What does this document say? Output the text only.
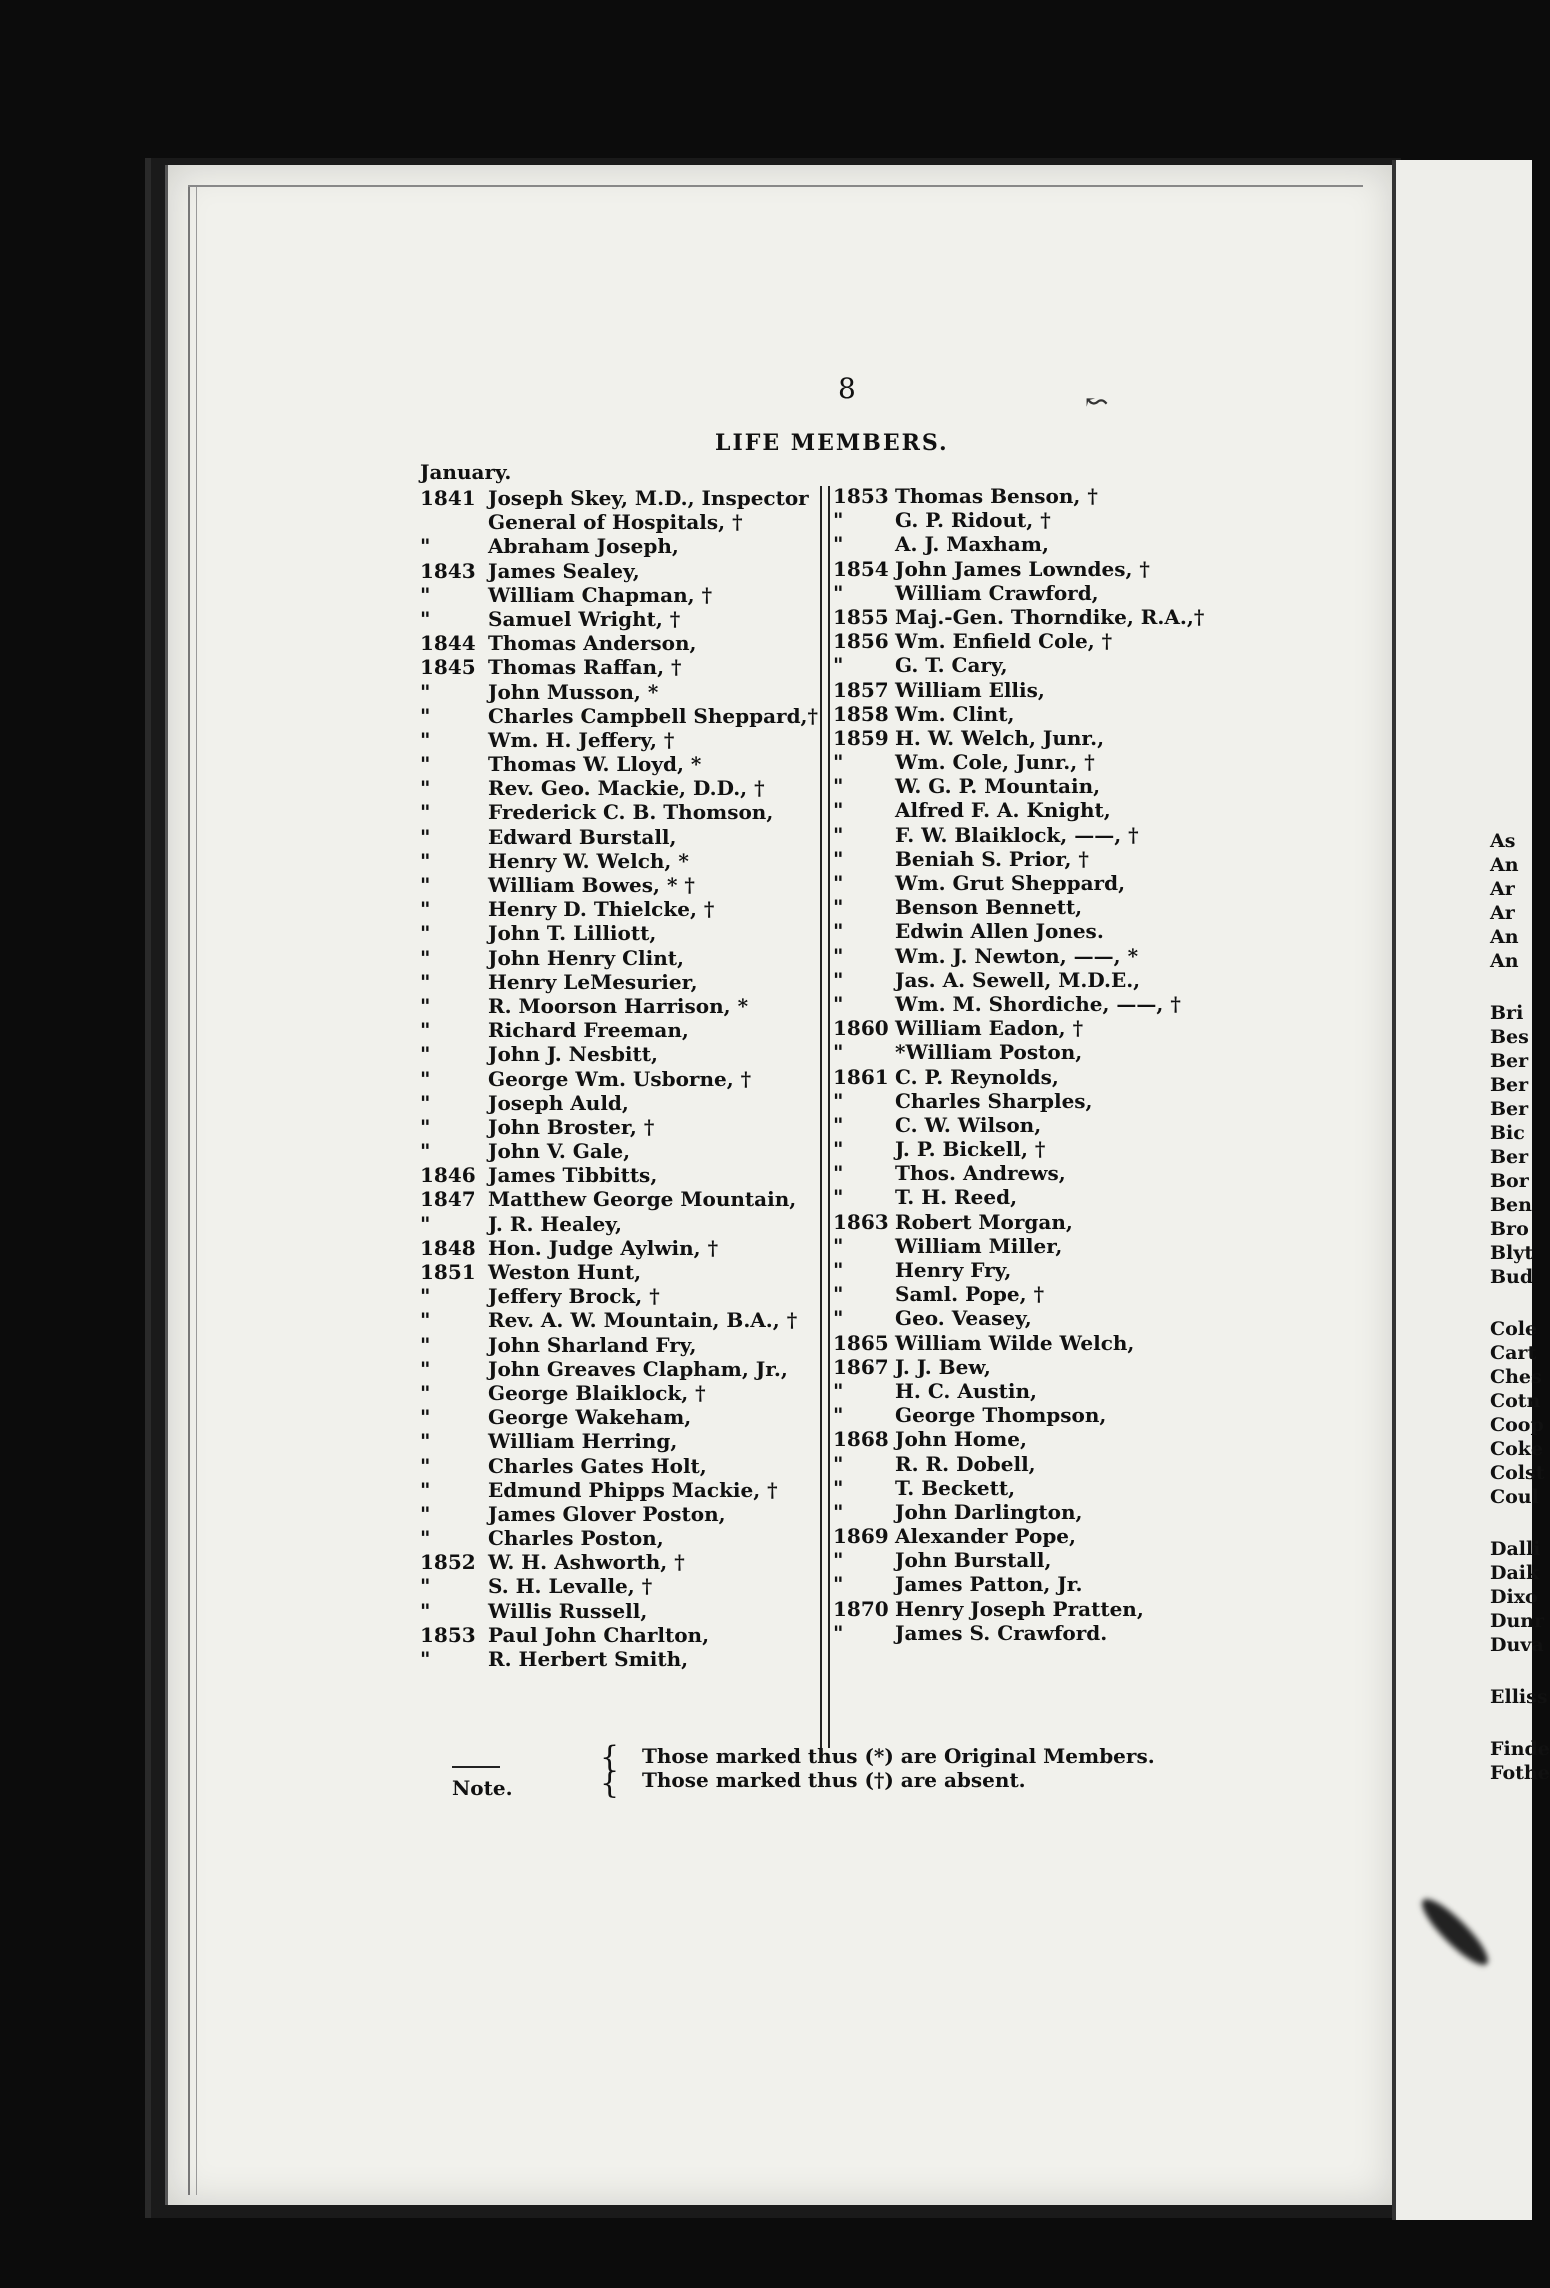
As
An
Ar
Ar
An
An
Bri
Bes
Ber
Ber
Ber
Bic
Ber
Bor
Ben
Bro
Blyt
Bud
Cole
Cart
Ches
Cotn
Coop
Coke
Colst
Coul
Dalli
Daik
Dixo
Dunr
Duva
Elliss
Finde
Fothe
8	↜
LIFE MEMBERS.
January.
1841 Joseph Skey, M.D., Inspector
General of Hospitals, †
"	Abraham Joseph,
1843 James Sealey,
"	William Chapman, †
"	Samuel Wright, †
1844 Thomas Anderson,
1845 Thomas Raffan, †
"	John Musson, *
"	Charles Campbell Sheppard,†
"	Wm. H. Jeffery, †
"	Thomas W. Lloyd, *
"	Rev. Geo. Mackie, D.D., †
"	Frederick C. B. Thomson,
"	Edward Burstall,
"	Henry W. Welch, *
"	William Bowes, * †
"	Henry D. Thielcke, †
"	John T. Lilliott,
"	John Henry Clint,
"	Henry LeMesurier,
"	R. Moorson Harrison, *
"	Richard Freeman,
"	John J. Nesbitt,
"	George Wm. Usborne, †
"	Joseph Auld,
"	John Broster, †
"	John V. Gale,
1846 James Tibbitts,
1847 Matthew George Mountain,
"	J. R. Healey,
1848 Hon. Judge Aylwin, †
1851 Weston Hunt,
"	Jeffery Brock, †
"	Rev. A. W. Mountain, B.A., †
"	John Sharland Fry,
"	John Greaves Clapham, Jr.,
"	George Blaiklock, †
"	George Wakeham,
"	William Herring,
"	Charles Gates Holt,
"	Edmund Phipps Mackie, †
"	James Glover Poston,
"	Charles Poston,
1852 W. H. Ashworth, †
"	S. H. Levalle, †
"	Willis Russell,
1853 Paul John Charlton,
"	R. Herbert Smith,
1853 Thomas Benson, †
"	G. P. Ridout, †
"	A. J. Maxham,
1854 John James Lowndes, †
"	William Crawford,
1855 Maj.-Gen. Thorndike, R.A.,†
1856 Wm. Enfield Cole, †
"	G. T. Cary,
1857 William Ellis,
1858 Wm. Clint,
1859 H. W. Welch, Junr.,
"	Wm. Cole, Junr., †
"	W. G. P. Mountain,
"	Alfred F. A. Knight,
"	F. W. Blaiklock, ——, †
"	Beniah S. Prior, †
"	Wm. Grut Sheppard,
"	Benson Bennett,
"	Edwin Allen Jones.
"	Wm. J. Newton, ——, *
"	Jas. A. Sewell, M.D.E.,
"	Wm. M. Shordiche, ——, †
1860 William Eadon, †
"	*William Poston,
1861 C. P. Reynolds,
"	Charles Sharples,
"	C. W. Wilson,
"	J. P. Bickell, †
"	Thos. Andrews,
"	T. H. Reed,
1863 Robert Morgan,
"	William Miller,
"	Henry Fry,
"	Saml. Pope, †
"	Geo. Veasey,
1865 William Wilde Welch,
1867 J. J. Bew,
"	H. C. Austin,
"	George Thompson,
1868 John Home,
"	R. R. Dobell,
"	T. Beckett,
"	John Darlington,
1869 Alexander Pope,
"	John Burstall,
"	James Patton, Jr.
1870 Henry Joseph Pratten,
"	James S. Crawford.
Note.
{
{
Those marked thus (*) are Original Members.
Those marked thus (†) are absent.
